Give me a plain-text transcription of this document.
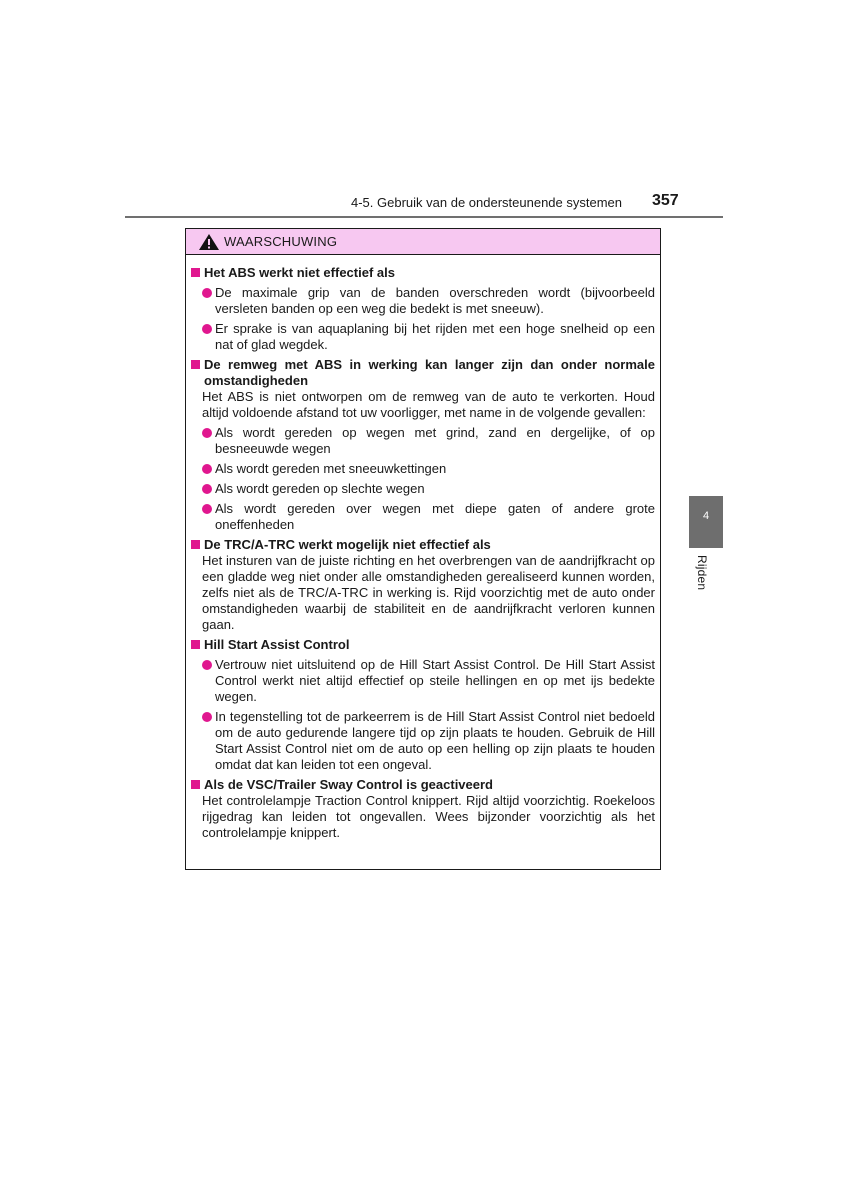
4-5. Gebruik van de ondersteunende systemen 357
4
Rijden
WAARSCHUWING
Het ABS werkt niet effectief als
De maximale grip van de banden overschreden wordt (bijvoorbeeld versleten banden op een weg die bedekt is met sneeuw).
Er sprake is van aquaplaning bij het rijden met een hoge snelheid op een nat of glad wegdek.
De remweg met ABS in werking kan langer zijn dan onder normale omstandigheden
Het ABS is niet ontworpen om de remweg van de auto te verkorten. Houd altijd voldoende afstand tot uw voorligger, met name in de volgende gevallen:
Als wordt gereden op wegen met grind, zand en dergelijke, of op besneeuwde wegen
Als wordt gereden met sneeuwkettingen
Als wordt gereden op slechte wegen
Als wordt gereden over wegen met diepe gaten of andere grote oneffenheden
De TRC/A-TRC werkt mogelijk niet effectief als
Het insturen van de juiste richting en het overbrengen van de aandrijfkracht op een gladde weg niet onder alle omstandigheden gerealiseerd kunnen worden, zelfs niet als de TRC/A-TRC in werking is. Rijd voorzichtig met de auto onder omstandigheden waarbij de stabiliteit en de aandrijfkracht verloren kunnen gaan.
Hill Start Assist Control
Vertrouw niet uitsluitend op de Hill Start Assist Control. De Hill Start Assist Control werkt niet altijd effectief op steile hellingen en op met ijs bedekte wegen.
In tegenstelling tot de parkeerrem is de Hill Start Assist Control niet bedoeld om de auto gedurende langere tijd op zijn plaats te houden. Gebruik de Hill Start Assist Control niet om de auto op een helling op zijn plaats te houden omdat dat kan leiden tot een ongeval.
Als de VSC/Trailer Sway Control is geactiveerd
Het controlelampje Traction Control knippert. Rijd altijd voorzichtig. Roekeloos rijgedrag kan leiden tot ongevallen. Wees bijzonder voorzichtig als het controlelampje knippert.
